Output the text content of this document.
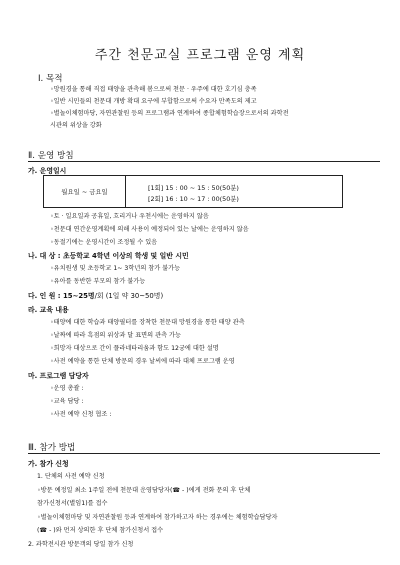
주간 천문교실 프로그램 운영 계획
Ⅰ. 목적
◦망원경을 통해 직접 태양을 관측해 봄으로써 천문 · 우주에 대한 호기심 충족
◦일반 시민들의 천문대 개방 확대 요구에 부합함으로써 수요자 만족도의 제고
◦별놀이체험마당, 자연관찰원 등의 프로그램과 연계하여 종합체험학습장으로서의 과학전
시관의 위상을 강화
Ⅱ. 운영 방침
가. 운영일시
월요일 ~ 금요일	[1회] 15 : 00 ~ 15 : 50(50분)
[2회] 16 : 10 ~ 17 : 00(50분)
◦토 · 일요일과 공휴일, 흐리거나 우천시에는 운영하지 않음
◦천문대 연간운영계획에 의해 사용이 예정되어 있는 날에는 운영하지 않음
◦동절기에는 운영시간이 조정될 수 있음
나. 대 상 : 초등학교 4학년 이상의 학생 및 일반 시민
◦유치원생 및 초등학교 1~ 3학년의 참가 불가능
◦유아를 동반한 부모의 참가 불가능
다. 인 원 : 15~25명/회 (1일 약 30~50명)
라. 교육 내용
◦태양에 대한 학습과 태양필터를 장착한 천문대 망원경을 통한 태양 관측
◦날짜에 따라 흑점의 위상과 달 표면의 관측 가능
◦희망자 대상으로 간이 플라네타리움과 함도 12궁에 대한 설명
◦사전 예약을 통한 단체 방문의 경우 날씨에 따라 대체 프로그램 운영
마. 프로그램 담당자
◦운영 총괄 :
◦교육 담당 :
◦사전 예약 신청 협조 :
Ⅲ. 참가 방법
가. 참가 신청
1. 단체의 사전 예약 신청
◦방문 예정일 최소 1주일 전에 천문대 운영담당자(☎ - )에게 전화 문의 후 단체
참가신청서(별임1)를 접수
◦별놀이체험마당 및 자연관찰원 등과 연계하여 참가하고자 하는 경우에는 체험학습담당자
(☎ - )와 먼저 상의한 후 단체 참가신청서 접수
2. 과학전시관 방문객의 당일 참가 신청
